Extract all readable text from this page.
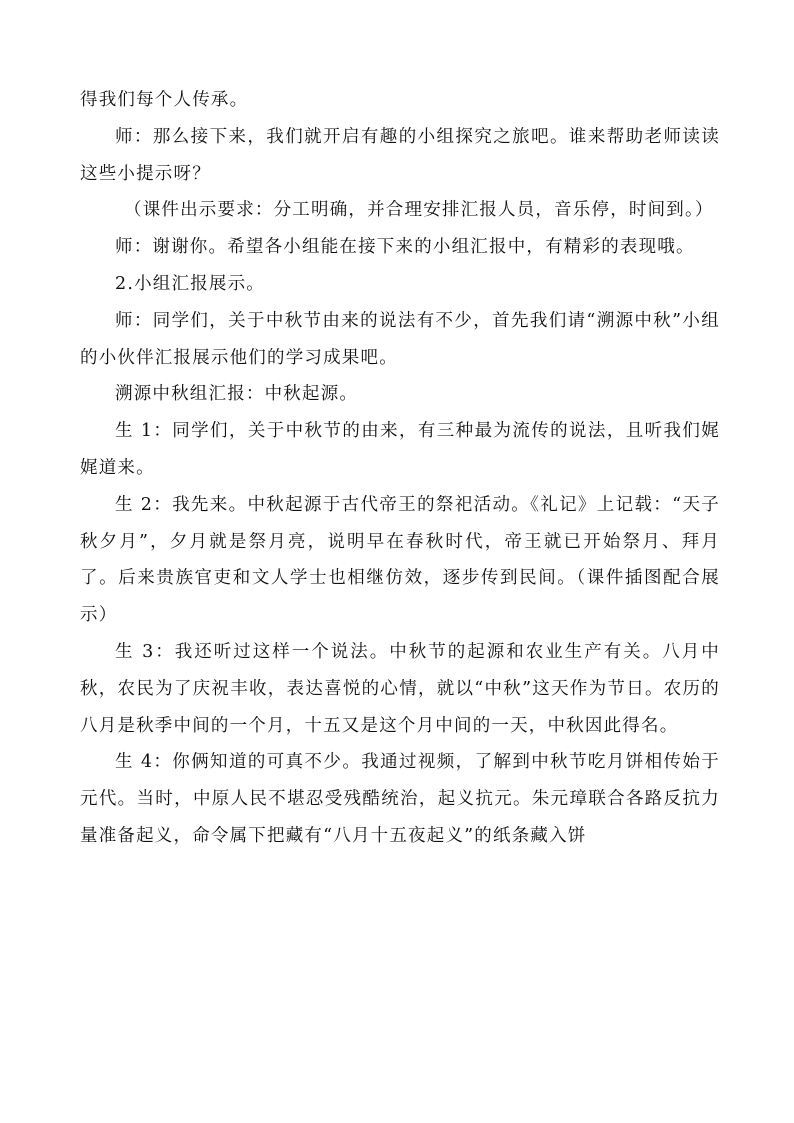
得我们每个人传承。

师：那么接下来，我们就开启有趣的小组探究之旅吧。谁来帮助老师读读这些小提示呀？

（课件出示要求：分工明确，并合理安排汇报人员，音乐停，时间到。）

师：谢谢你。希望各小组能在接下来的小组汇报中，有精彩的表现哦。

2.小组汇报展示。

师：同学们，关于中秋节由来的说法有不少，首先我们请“溯源中秋”小组的小伙伴汇报展示他们的学习成果吧。

溯源中秋组汇报：中秋起源。

生 1：同学们，关于中秋节的由来，有三种最为流传的说法，且听我们娓娓道来。

生 2：我先来。中秋起源于古代帝王的祭祀活动。《礼记》上记载：“天子秋夕月”，夕月就是祭月亮，说明早在春秋时代，帝王就已开始祭月、拜月了。后来贵族官吏和文人学士也相继仿效，逐步传到民间。（课件插图配合展示）

生 3：我还听过这样一个说法。中秋节的起源和农业生产有关。八月中秋，农民为了庆祝丰收，表达喜悦的心情，就以“中秋”这天作为节日。农历的八月是秋季中间的一个月，十五又是这个月中间的一天，中秋因此得名。

生 4：你俩知道的可真不少。我通过视频，了解到中秋节吃月饼相传始于元代。当时，中原人民不堪忍受残酷统治，起义抗元。朱元璋联合各路反抗力量准备起义，命令属下把藏有“八月十五夜起义”的纸条藏入饼
